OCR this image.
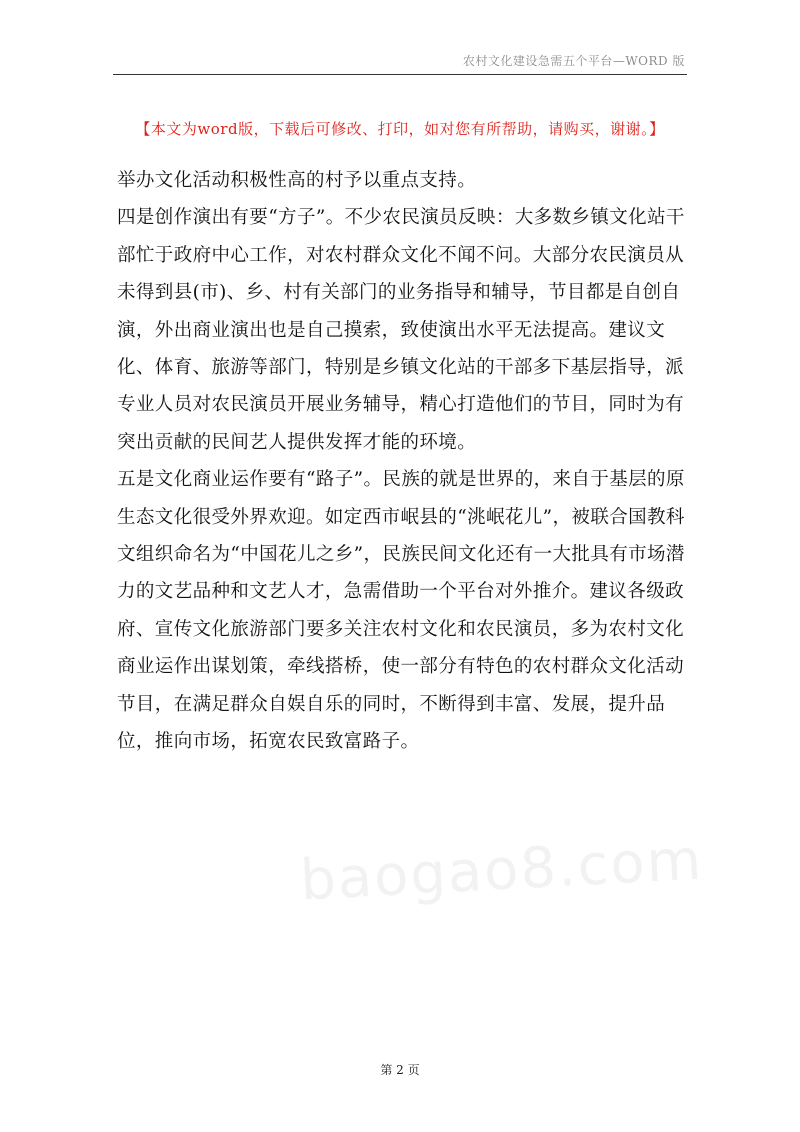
农村文化建设急需五个平台—WORD 版
【本文为word版，下载后可修改、打印，如对您有所帮助，请购买，谢谢。】

举办文化活动积极性高的村予以重点支持。

四是创作演出有要“方子”。不少农民演员反映：大多数乡镇文化站干部忙于政府中心工作，对农村群众文化不闻不问。大部分农民演员从未得到县(市)、乡、村有关部门的业务指导和辅导，节目都是自创自演，外出商业演出也是自己摸索，致使演出水平无法提高。建议文化、体育、旅游等部门，特别是乡镇文化站的干部多下基层指导，派专业人员对农民演员开展业务辅导，精心打造他们的节目，同时为有突出贡献的民间艺人提供发挥才能的环境。

五是文化商业运作要有“路子”。民族的就是世界的，来自于基层的原生态文化很受外界欢迎。如定西市岷县的“洮岷花儿”，被联合国教科文组织命名为“中国花儿之乡”，民族民间文化还有一大批具有市场潜力的文艺品种和文艺人才，急需借助一个平台对外推介。建议各级政府、宣传文化旅游部门要多关注农村文化和农民演员，多为农村文化商业运作出谋划策，牵线搭桥，使一部分有特色的农村群众文化活动节目，在满足群众自娱自乐的同时，不断得到丰富、发展，提升品位，推向市场，拓宽农民致富路子。

baogao8.com
第 2 页
